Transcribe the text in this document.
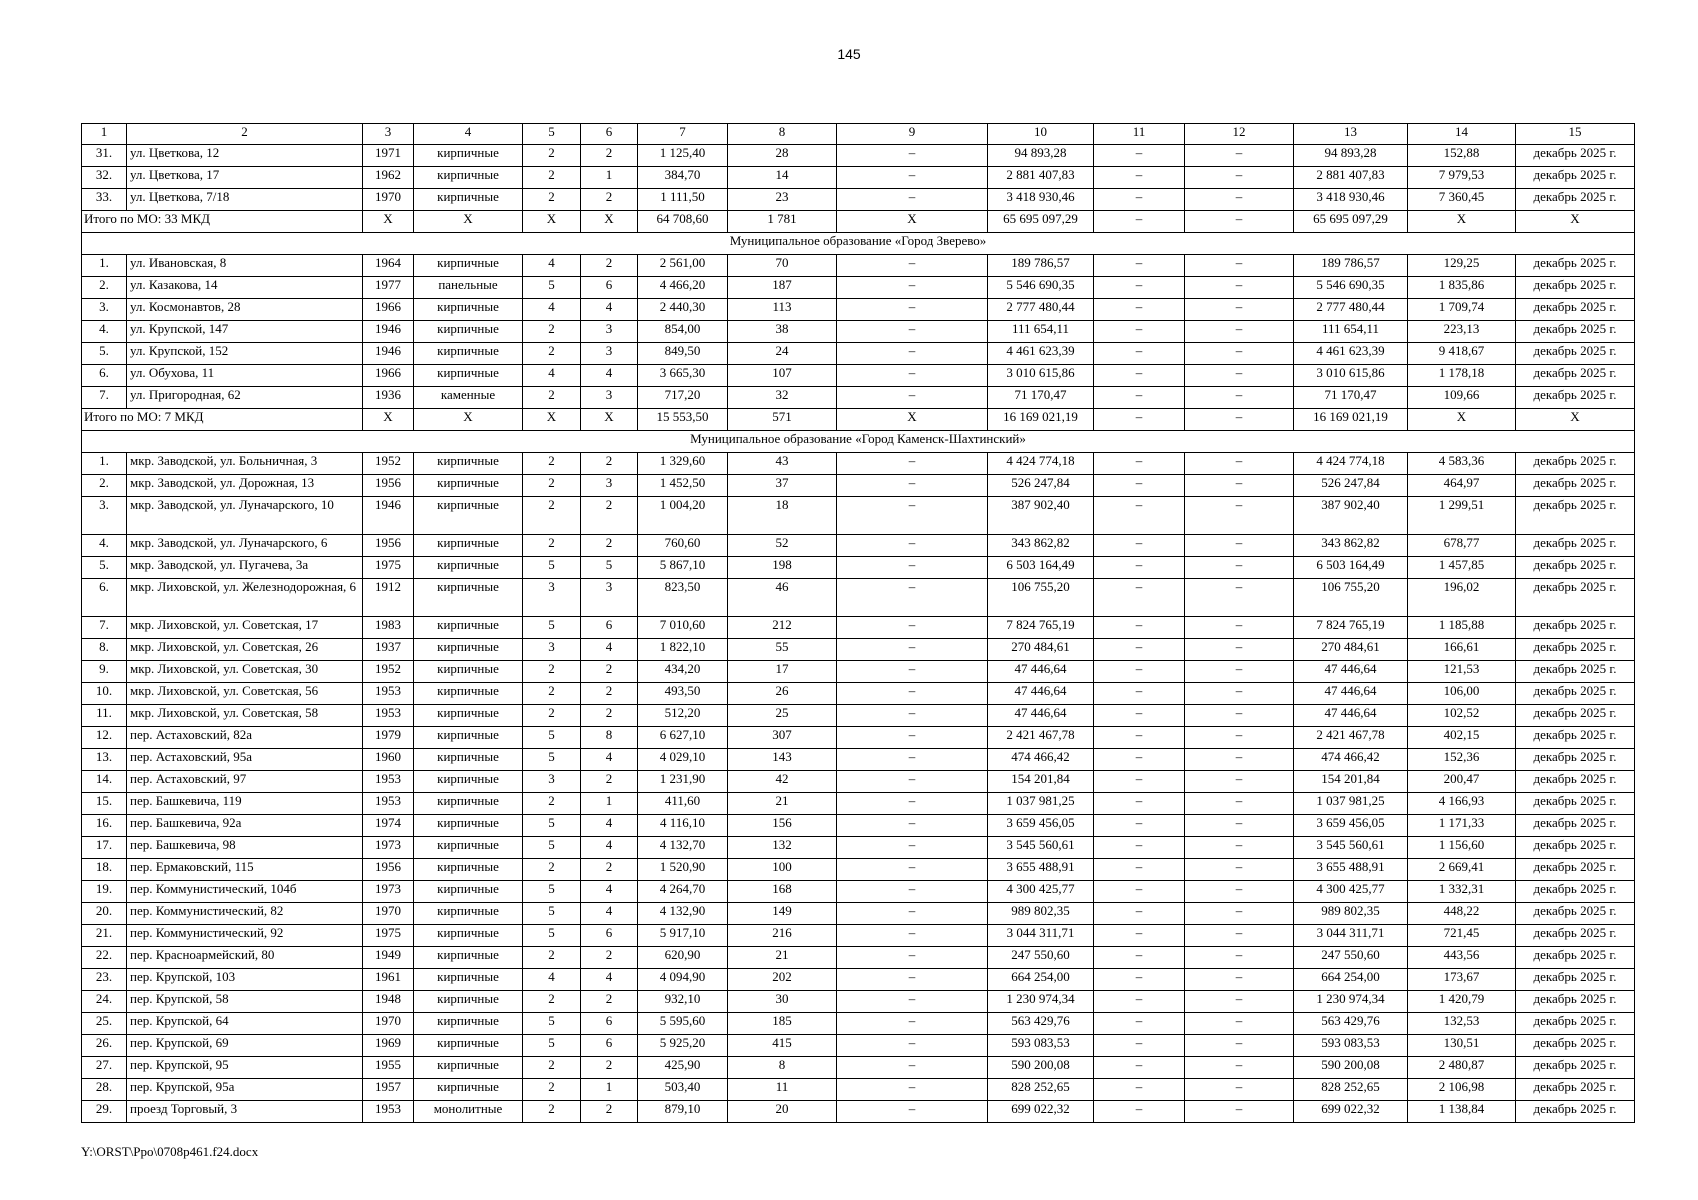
145
1	2	3	4	5	6	7	8	9	10	11	12	13	14	15
31.	ул. Цветкова, 12	1971	кирпичные	2	2	1 125,40	28	–	94 893,28	–	–	94 893,28	152,88	декабрь 2025 г.
32.	ул. Цветкова, 17	1962	кирпичные	2	1	384,70	14	–	2 881 407,83	–	–	2 881 407,83	7 979,53	декабрь 2025 г.
33.	ул. Цветкова, 7/18	1970	кирпичные	2	2	1 111,50	23	–	3 418 930,46	–	–	3 418 930,46	7 360,45	декабрь 2025 г.
Итого по МО: 33 МКД		X	X	X	X	64 708,60	1 781	X	65 695 097,29	–	–	65 695 097,29	X	X
Муниципальное образование «Город Зверево»														
1.	ул. Ивановская, 8	1964	кирпичные	4	2	2 561,00	70	–	189 786,57	–	–	189 786,57	129,25	декабрь 2025 г.
2.	ул. Казакова, 14	1977	панельные	5	6	4 466,20	187	–	5 546 690,35	–	–	5 546 690,35	1 835,86	декабрь 2025 г.
3.	ул. Космонавтов, 28	1966	кирпичные	4	4	2 440,30	113	–	2 777 480,44	–	–	2 777 480,44	1 709,74	декабрь 2025 г.
4.	ул. Крупской, 147	1946	кирпичные	2	3	854,00	38	–	111 654,11	–	–	111 654,11	223,13	декабрь 2025 г.
5.	ул. Крупской, 152	1946	кирпичные	2	3	849,50	24	–	4 461 623,39	–	–	4 461 623,39	9 418,67	декабрь 2025 г.
6.	ул. Обухова, 11	1966	кирпичные	4	4	3 665,30	107	–	3 010 615,86	–	–	3 010 615,86	1 178,18	декабрь 2025 г.
7.	ул. Пригородная, 62	1936	каменные	2	3	717,20	32	–	71 170,47	–	–	71 170,47	109,66	декабрь 2025 г.
Итого по МО: 7 МКД		X	X	X	X	15 553,50	571	X	16 169 021,19	–	–	16 169 021,19	X	X
Муниципальное образование «Город Каменск-Шахтинский»														
1.	мкр. Заводской, ул. Больничная, 3	1952	кирпичные	2	2	1 329,60	43	–	4 424 774,18	–	–	4 424 774,18	4 583,36	декабрь 2025 г.
2.	мкр. Заводской, ул. Дорожная, 13	1956	кирпичные	2	3	1 452,50	37	–	526 247,84	–	–	526 247,84	464,97	декабрь 2025 г.
3.	мкр. Заводской, ул. Луначарского, 10	1946	кирпичные	2	2	1 004,20	18	–	387 902,40	–	–	387 902,40	1 299,51	декабрь 2025 г.
4.	мкр. Заводской, ул. Луначарского, 6	1956	кирпичные	2	2	760,60	52	–	343 862,82	–	–	343 862,82	678,77	декабрь 2025 г.
5.	мкр. Заводской, ул. Пугачева, 3а	1975	кирпичные	5	5	5 867,10	198	–	6 503 164,49	–	–	6 503 164,49	1 457,85	декабрь 2025 г.
6.	мкр. Лиховской, ул. Железнодорожная, 6	1912	кирпичные	3	3	823,50	46	–	106 755,20	–	–	106 755,20	196,02	декабрь 2025 г.
7.	мкр. Лиховской, ул. Советская, 17	1983	кирпичные	5	6	7 010,60	212	–	7 824 765,19	–	–	7 824 765,19	1 185,88	декабрь 2025 г.
8.	мкр. Лиховской, ул. Советская, 26	1937	кирпичные	3	4	1 822,10	55	–	270 484,61	–	–	270 484,61	166,61	декабрь 2025 г.
9.	мкр. Лиховской, ул. Советская, 30	1952	кирпичные	2	2	434,20	17	–	47 446,64	–	–	47 446,64	121,53	декабрь 2025 г.
10.	мкр. Лиховской, ул. Советская, 56	1953	кирпичные	2	2	493,50	26	–	47 446,64	–	–	47 446,64	106,00	декабрь 2025 г.
11.	мкр. Лиховской, ул. Советская, 58	1953	кирпичные	2	2	512,20	25	–	47 446,64	–	–	47 446,64	102,52	декабрь 2025 г.
12.	пер. Астаховский, 82а	1979	кирпичные	5	8	6 627,10	307	–	2 421 467,78	–	–	2 421 467,78	402,15	декабрь 2025 г.
13.	пер. Астаховский, 95а	1960	кирпичные	5	4	4 029,10	143	–	474 466,42	–	–	474 466,42	152,36	декабрь 2025 г.
14.	пер. Астаховский, 97	1953	кирпичные	3	2	1 231,90	42	–	154 201,84	–	–	154 201,84	200,47	декабрь 2025 г.
15.	пер. Башкевича, 119	1953	кирпичные	2	1	411,60	21	–	1 037 981,25	–	–	1 037 981,25	4 166,93	декабрь 2025 г.
16.	пер. Башкевича, 92а	1974	кирпичные	5	4	4 116,10	156	–	3 659 456,05	–	–	3 659 456,05	1 171,33	декабрь 2025 г.
17.	пер. Башкевича, 98	1973	кирпичные	5	4	4 132,70	132	–	3 545 560,61	–	–	3 545 560,61	1 156,60	декабрь 2025 г.
18.	пер. Ермаковский, 115	1956	кирпичные	2	2	1 520,90	100	–	3 655 488,91	–	–	3 655 488,91	2 669,41	декабрь 2025 г.
19.	пер. Коммунистический, 104б	1973	кирпичные	5	4	4 264,70	168	–	4 300 425,77	–	–	4 300 425,77	1 332,31	декабрь 2025 г.
20.	пер. Коммунистический, 82	1970	кирпичные	5	4	4 132,90	149	–	989 802,35	–	–	989 802,35	448,22	декабрь 2025 г.
21.	пер. Коммунистический, 92	1975	кирпичные	5	6	5 917,10	216	–	3 044 311,71	–	–	3 044 311,71	721,45	декабрь 2025 г.
22.	пер. Красноармейский, 80	1949	кирпичные	2	2	620,90	21	–	247 550,60	–	–	247 550,60	443,56	декабрь 2025 г.
23.	пер. Крупской, 103	1961	кирпичные	4	4	4 094,90	202	–	664 254,00	–	–	664 254,00	173,67	декабрь 2025 г.
24.	пер. Крупской, 58	1948	кирпичные	2	2	932,10	30	–	1 230 974,34	–	–	1 230 974,34	1 420,79	декабрь 2025 г.
25.	пер. Крупской, 64	1970	кирпичные	5	6	5 595,60	185	–	563 429,76	–	–	563 429,76	132,53	декабрь 2025 г.
26.	пер. Крупской, 69	1969	кирпичные	5	6	5 925,20	415	–	593 083,53	–	–	593 083,53	130,51	декабрь 2025 г.
27.	пер. Крупской, 95	1955	кирпичные	2	2	425,90	8	–	590 200,08	–	–	590 200,08	2 480,87	декабрь 2025 г.
28.	пер. Крупской, 95а	1957	кирпичные	2	1	503,40	11	–	828 252,65	–	–	828 252,65	2 106,98	декабрь 2025 г.
29.	проезд Торговый, 3	1953	монолитные	2	2	879,10	20	–	699 022,32	–	–	699 022,32	1 138,84	декабрь 2025 г.
Y:\ORST\Ppo\0708p461.f24.docx
